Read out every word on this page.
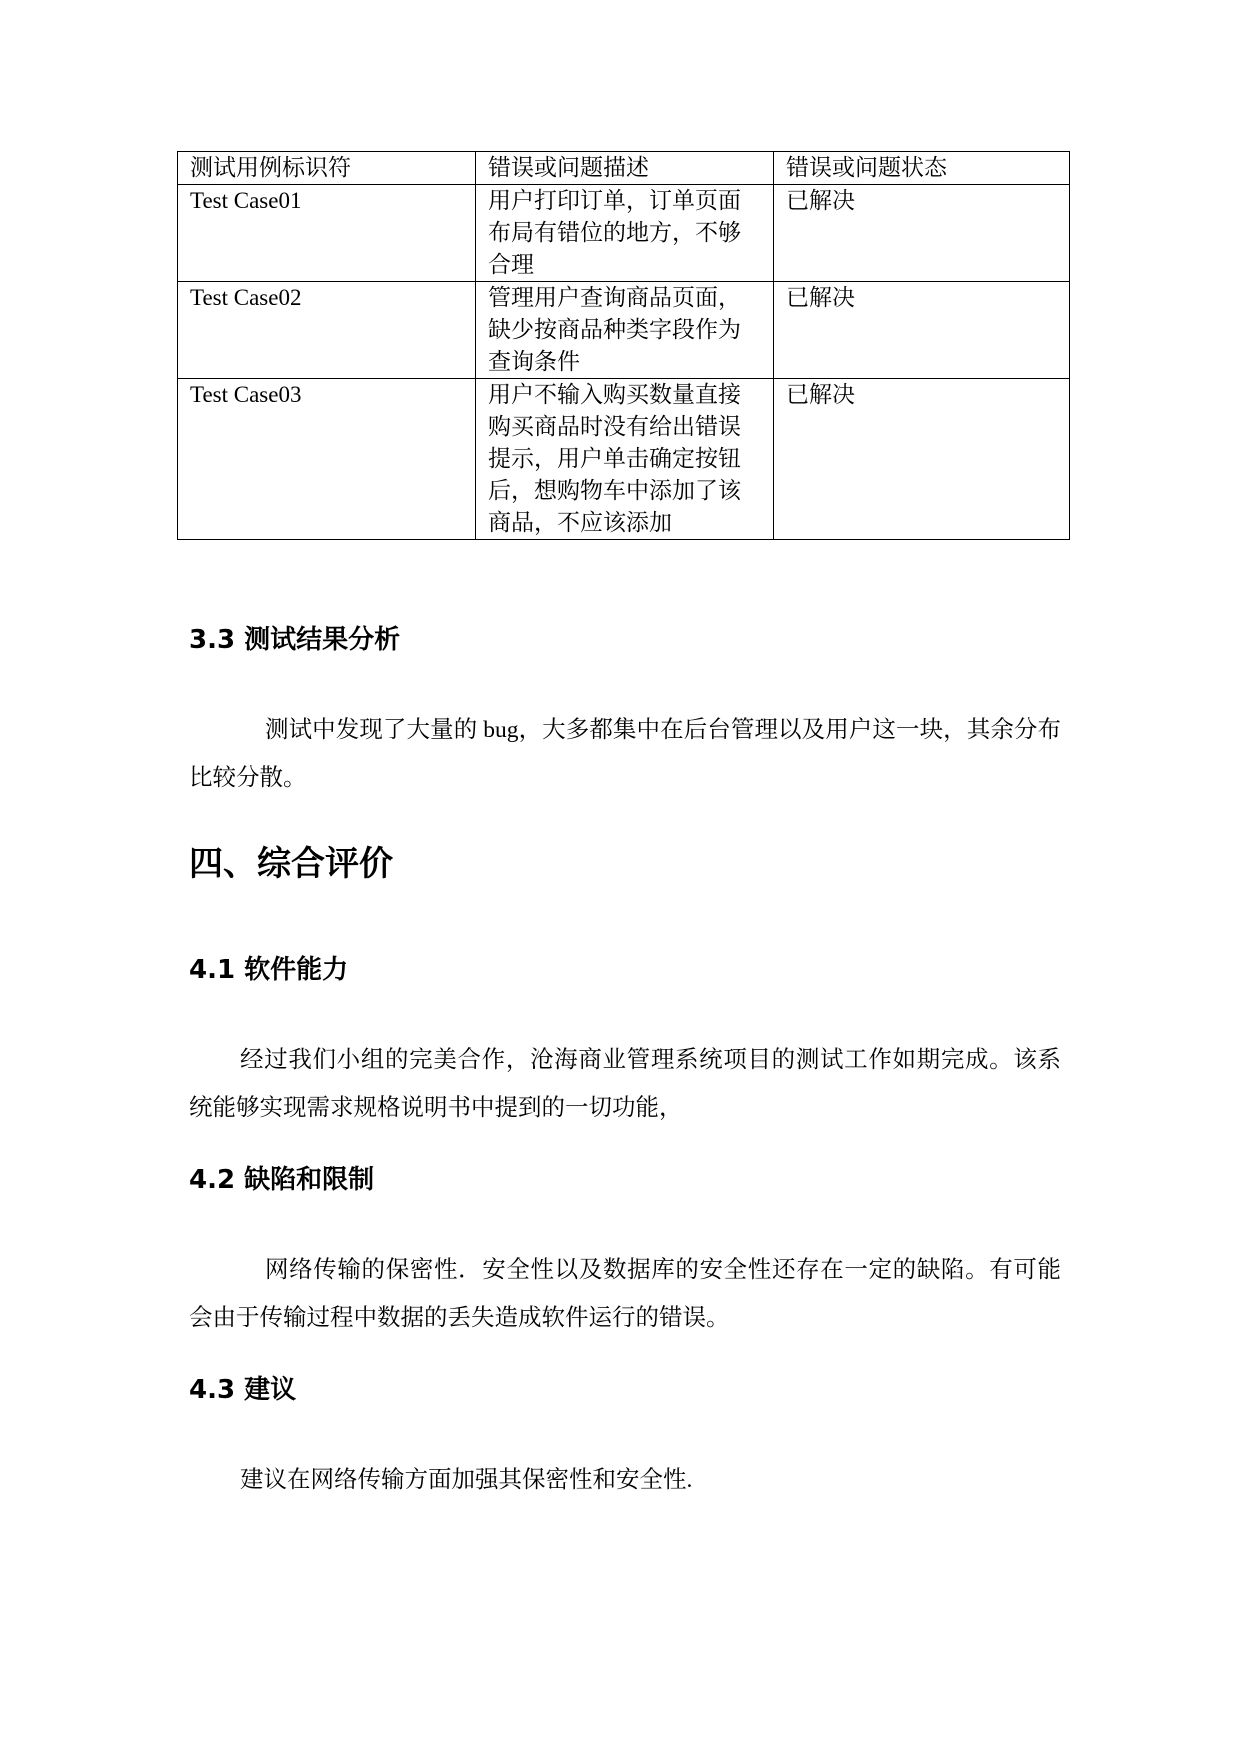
测试用例标识符	错误或问题描述	错误或问题状态
Test Case01	用户打印订单，订单页面布局有错位的地方，不够合理	已解决
Test Case02	管理用户查询商品页面，缺少按商品种类字段作为查询条件	已解决
Test Case03	用户不输入购买数量直接购买商品时没有给出错误提示，用户单击确定按钮后，想购物车中添加了该商品，不应该添加	已解决
3.3 测试结果分析

测试中发现了大量的 bug，大多都集中在后台管理以及用户这一块，其余分布比较分散。

四、综合评价
4.1 软件能力

经过我们小组的完美合作，沧海商业管理系统项目的测试工作如期完成。该系统能够实现需求规格说明书中提到的一切功能，

4.2 缺陷和限制

网络传输的保密性．安全性以及数据库的安全性还存在一定的缺陷。有可能会由于传输过程中数据的丢失造成软件运行的错误。

4.3 建议

建议在网络传输方面加强其保密性和安全性.
